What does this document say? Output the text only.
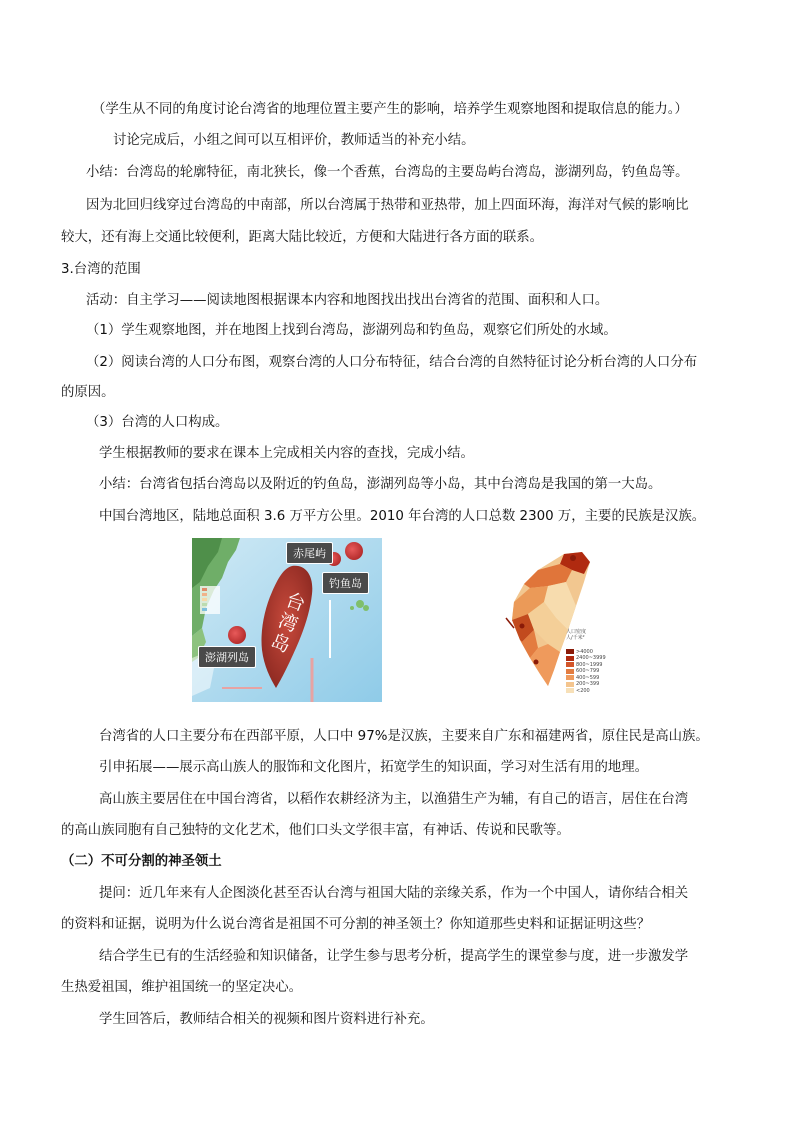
（学生从不同的角度讨论台湾省的地理位置主要产生的影响，培养学生观察地图和提取信息的能力。）

讨论完成后，小组之间可以互相评价，教师适当的补充小结。

小结：台湾岛的轮廓特征，南北狭长，像一个香蕉，台湾岛的主要岛屿台湾岛，澎湖列岛，钓鱼岛等。

因为北回归线穿过台湾岛的中南部，所以台湾属于热带和亚热带，加上四面环海，海洋对气候的影响比

较大，还有海上交通比较便利，距离大陆比较近，方便和大陆进行各方面的联系。

3.台湾的范围

活动：自主学习——阅读地图根据课本内容和地图找出找出台湾省的范围、面积和人口。

（1）学生观察地图，并在地图上找到台湾岛，澎湖列岛和钓鱼岛，观察它们所处的水域。

（2）阅读台湾的人口分布图，观察台湾的人口分布特征，结合台湾的自然特征讨论分析台湾的人口分布

的原因。

（3）台湾的人口构成。

学生根据教师的要求在课本上完成相关内容的查找，完成小结。

小结：台湾省包括台湾岛以及附近的钓鱼岛，澎湖列岛等小岛，其中台湾岛是我国的第一大岛。

中国台湾地区，陆地总面积 3.6 万平方公里。2010 年台湾的人口总数 2300 万，主要的民族是汉族。

赤尾屿
钓鱼岛
澎湖列岛
台
湾
岛	人口密度
人/千米²
>4000
2400~3999
800~1999
600~799
400~599
200~399
<200

台湾省的人口主要分布在西部平原，人口中 97%是汉族，主要来自广东和福建两省，原住民是高山族。

引申拓展——展示高山族人的服饰和文化图片，拓宽学生的知识面，学习对生活有用的地理。

高山族主要居住在中国台湾省，以稻作农耕经济为主，以渔猎生产为辅，有自己的语言，居住在台湾

的高山族同胞有自己独特的文化艺术，他们口头文学很丰富，有神话、传说和民歌等。

（二）不可分割的神圣领土

提问：近几年来有人企图淡化甚至否认台湾与祖国大陆的亲缘关系，作为一个中国人，请你结合相关

的资料和证据，说明为什么说台湾省是祖国不可分割的神圣领土？你知道那些史料和证据证明这些？

结合学生已有的生活经验和知识储备，让学生参与思考分析，提高学生的课堂参与度，进一步激发学

生热爱祖国，维护祖国统一的坚定决心。

学生回答后，教师结合相关的视频和图片资料进行补充。
